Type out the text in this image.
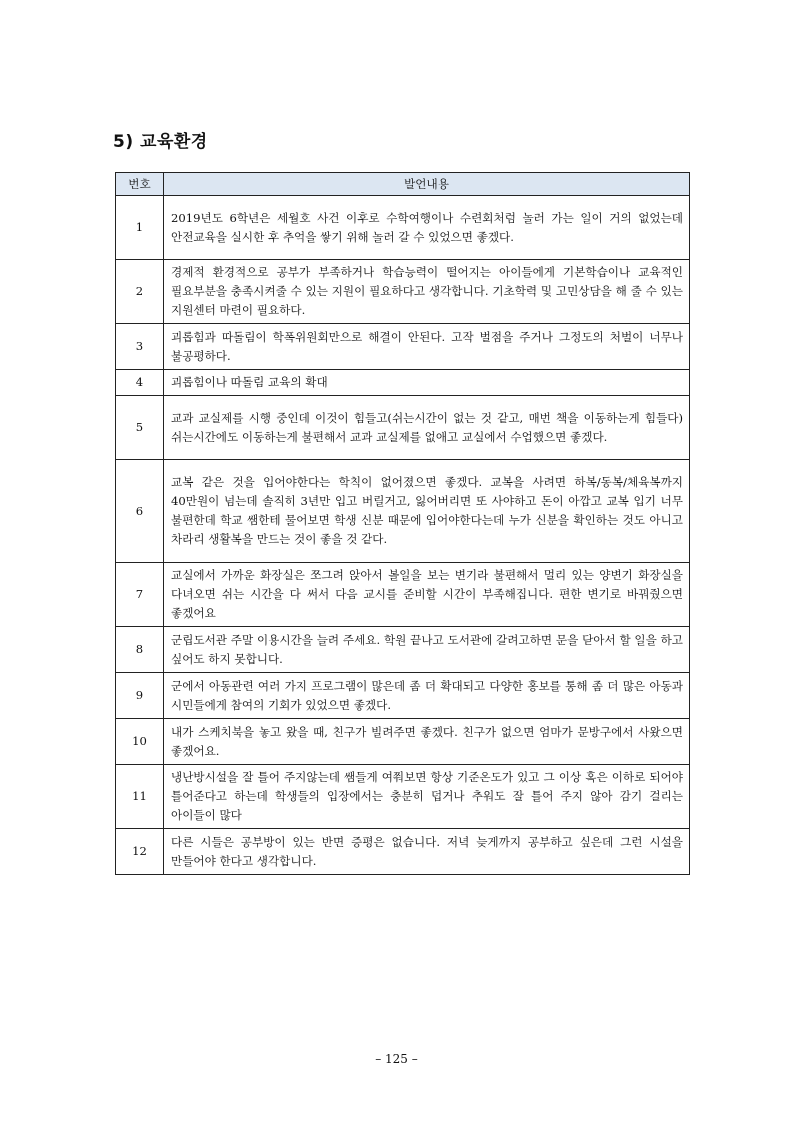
5) 교육환경
번호	발언내용
1	2019년도 6학년은 세월호 사건 이후로 수학여행이나 수련회처럼 놀러 가는 일이 거의 없었는데 안전교육을 실시한 후 추억을 쌓기 위해 놀러 갈 수 있었으면 좋겠다.
2	경제적 환경적으로 공부가 부족하거나 학습능력이 떨어지는 아이들에게 기본학습이나 교육적인 필요부분을 충족시켜줄 수 있는 지원이 필요하다고 생각합니다. 기초학력 및 고민상담을 해 줄 수 있는 지원센터 마련이 필요하다.
3	괴롭힘과 따돌림이 학폭위원회만으로 해결이 안된다. 고작 벌점을 주거나 그정도의 처벌이 너무나 불공평하다.
4	괴롭힘이나 따돌림 교육의 확대
5	교과 교실제를 시행 중인데 이것이 힘들고(쉬는시간이 없는 것 같고, 매번 책을 이동하는게 힘들다) 쉬는시간에도 이동하는게 불편해서 교과 교실제를 없애고 교실에서 수업했으면 좋겠다.
6	교복 같은 것을 입어야한다는 학칙이 없어졌으면 좋겠다. 교복을 사려면 하복/동복/체육복까지 40만원이 넘는데 솔직히 3년만 입고 버릴거고, 잃어버리면 또 사야하고 돈이 아깝고 교복 입기 너무 불편한데 학교 쌤한테 물어보면 학생 신분 때문에 입어야한다는데 누가 신분을 확인하는 것도 아니고 차라리 생활복을 만드는 것이 좋을 것 같다.
7	교실에서 가까운 화장실은 쪼그려 앉아서 볼일을 보는 변기라 불편해서 멀리 있는 양변기 화장실을 다녀오면 쉬는 시간을 다 써서 다음 교시를 준비할 시간이 부족해집니다. 편한 변기로 바꿔줬으면 좋겠어요
8	군립도서관 주말 이용시간을 늘려 주세요. 학원 끝나고 도서관에 갈려고하면 문을 닫아서 할 일을 하고 싶어도 하지 못합니다.
9	군에서 아동관련 여러 가지 프로그램이 많은데 좀 더 확대되고 다양한 홍보를 통해 좀 더 많은 아동과 시민들에게 참여의 기회가 있었으면 좋겠다.
10	내가 스케치북을 놓고 왔을 때, 친구가 빌려주면 좋겠다. 친구가 없으면 엄마가 문방구에서 사왔으면 좋겠어요.
11	냉난방시설을 잘 틀어 주지않는데 쌤들게 여쭤보면 항상 기준온도가 있고 그 이상 혹은 이하로 되어야 틀어준다고 하는데 학생들의 입장에서는 충분히 덥거나 추워도 잘 틀어 주지 않아 감기 걸리는 아이들이 많다
12	다른 시들은 공부방이 있는 반면 증평은 없습니다. 저녁 늦게까지 공부하고 싶은데 그런 시설을 만들어야 한다고 생각합니다.
– 125 –
